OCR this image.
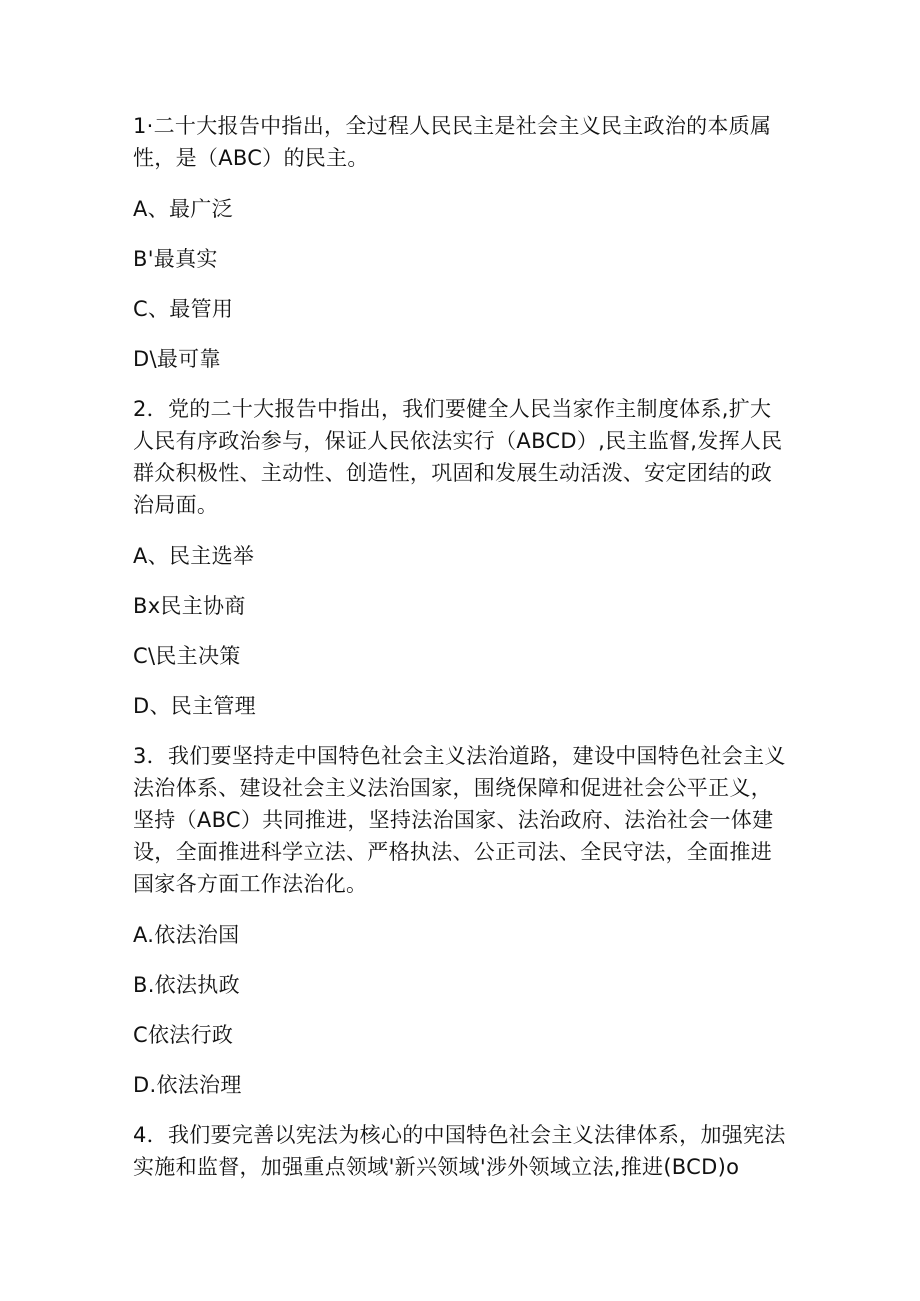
1·二十大报告中指出，全过程人民民主是社会主义民主政治的本质属性，是（ABC）的民主。

A、最广泛

B'最真实

C、最管用

D\最可靠

2．党的二十大报告中指出，我们要健全人民当家作主制度体系,扩大人民有序政治参与，保证人民依法实行（ABCD）,民主监督,发挥人民群众积极性、主动性、创造性，巩固和发展生动活泼、安定团结的政治局面。

A、民主选举

Bx民主协商

C\民主决策

D、民主管理

3．我们要坚持走中国特色社会主义法治道路，建设中国特色社会主义法治体系、建设社会主义法治国家，围绕保障和促进社会公平正义，坚持（ABC）共同推进，坚持法治国家、法治政府、法治社会一体建设，全面推进科学立法、严格执法、公正司法、全民守法，全面推进国家各方面工作法治化。

A.依法治国

B.依法执政

C依法行政

D.依法治理

4．我们要完善以宪法为核心的中国特色社会主义法律体系，加强宪法实施和监督，加强重点领域'新兴领域'涉外领域立法,推进(BCD)o
